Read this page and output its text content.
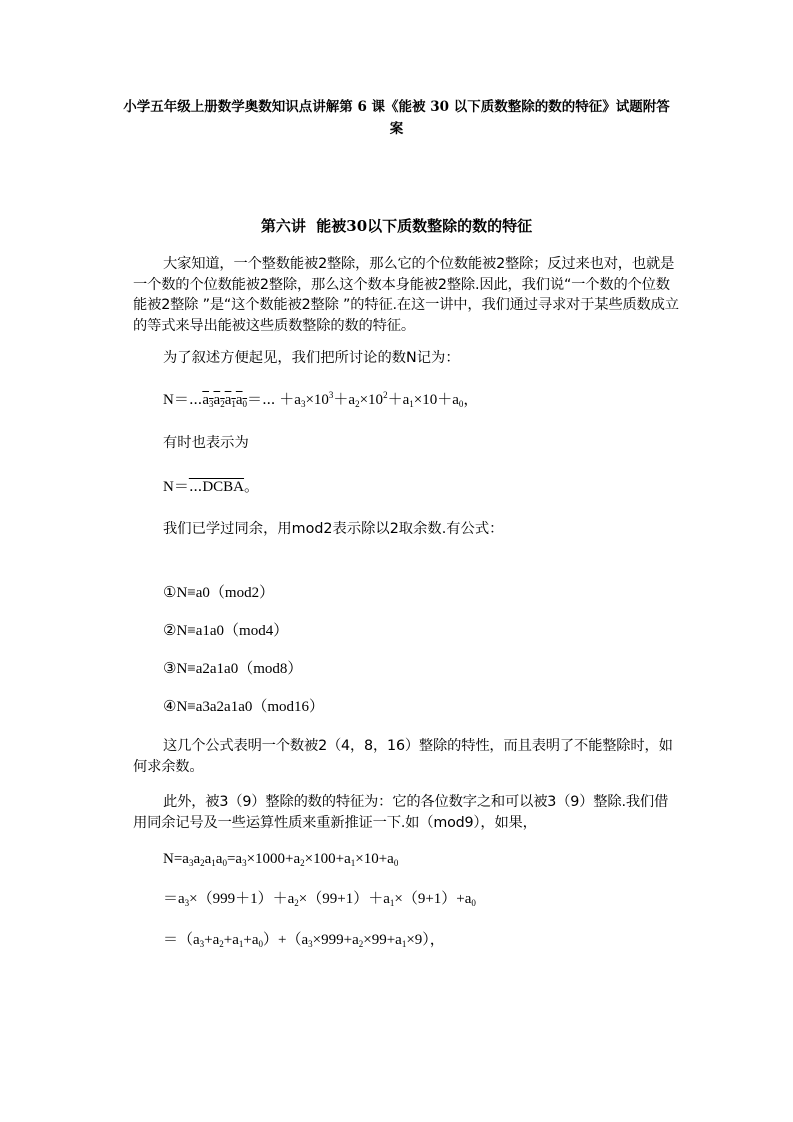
小学五年级上册数学奥数知识点讲解第 6 课《能被 30 以下质数整除的数的特征》试题附答
案
第六讲  能被30以下质数整除的数的特征
大家知道，一个整数能被2整除，那么它的个位数能被2整除；反过来也对，也就是一个数的个位数能被2整除，那么这个数本身能被2整除.因此，我们说“一个数的个位数能被2整除 ”是“这个数能被2整除 ”的特征.在这一讲中，我们通过寻求对于某些质数成立的等式来导出能被这些质数整除的数的特征。
为了叙述方便起见，我们把所讨论的数N记为：
$N=\cdots a_3a_2a_1a_0=\cdots +a_3\times 10^3+a_2\times 10^2+a_1\times 10+a_0$，
有时也表示为
N＝⋯DCBA。
我们已学过同余，用mod2表示除以2取余数.有公式：
①N≡a0（mod2）
②N≡a1a0（mod4）
③N≡a2a1a0（mod8）
④N≡a3a2a1a0（mod16）
这几个公式表明一个数被2（4，8，16）整除的特性，而且表明了不能整除时，如何求余数。
此外，被3（9）整除的数的特征为：它的各位数字之和可以被3（9）整除.我们借用同余记号及一些运算性质来重新推证一下.如（mod9），如果，
$N=a_3a_2a_1a_0=a_3\times 1000+a_2\times 100+a_1\times 10+a_0$
$=a_3\times(999+1)+a_2\times(99+1)+a_1\times(9+1)+a_0$
$=(a_3+a_2+a_1+a_0)+(a_3\times 999+a_2\times 99+a_1\times 9)$，
